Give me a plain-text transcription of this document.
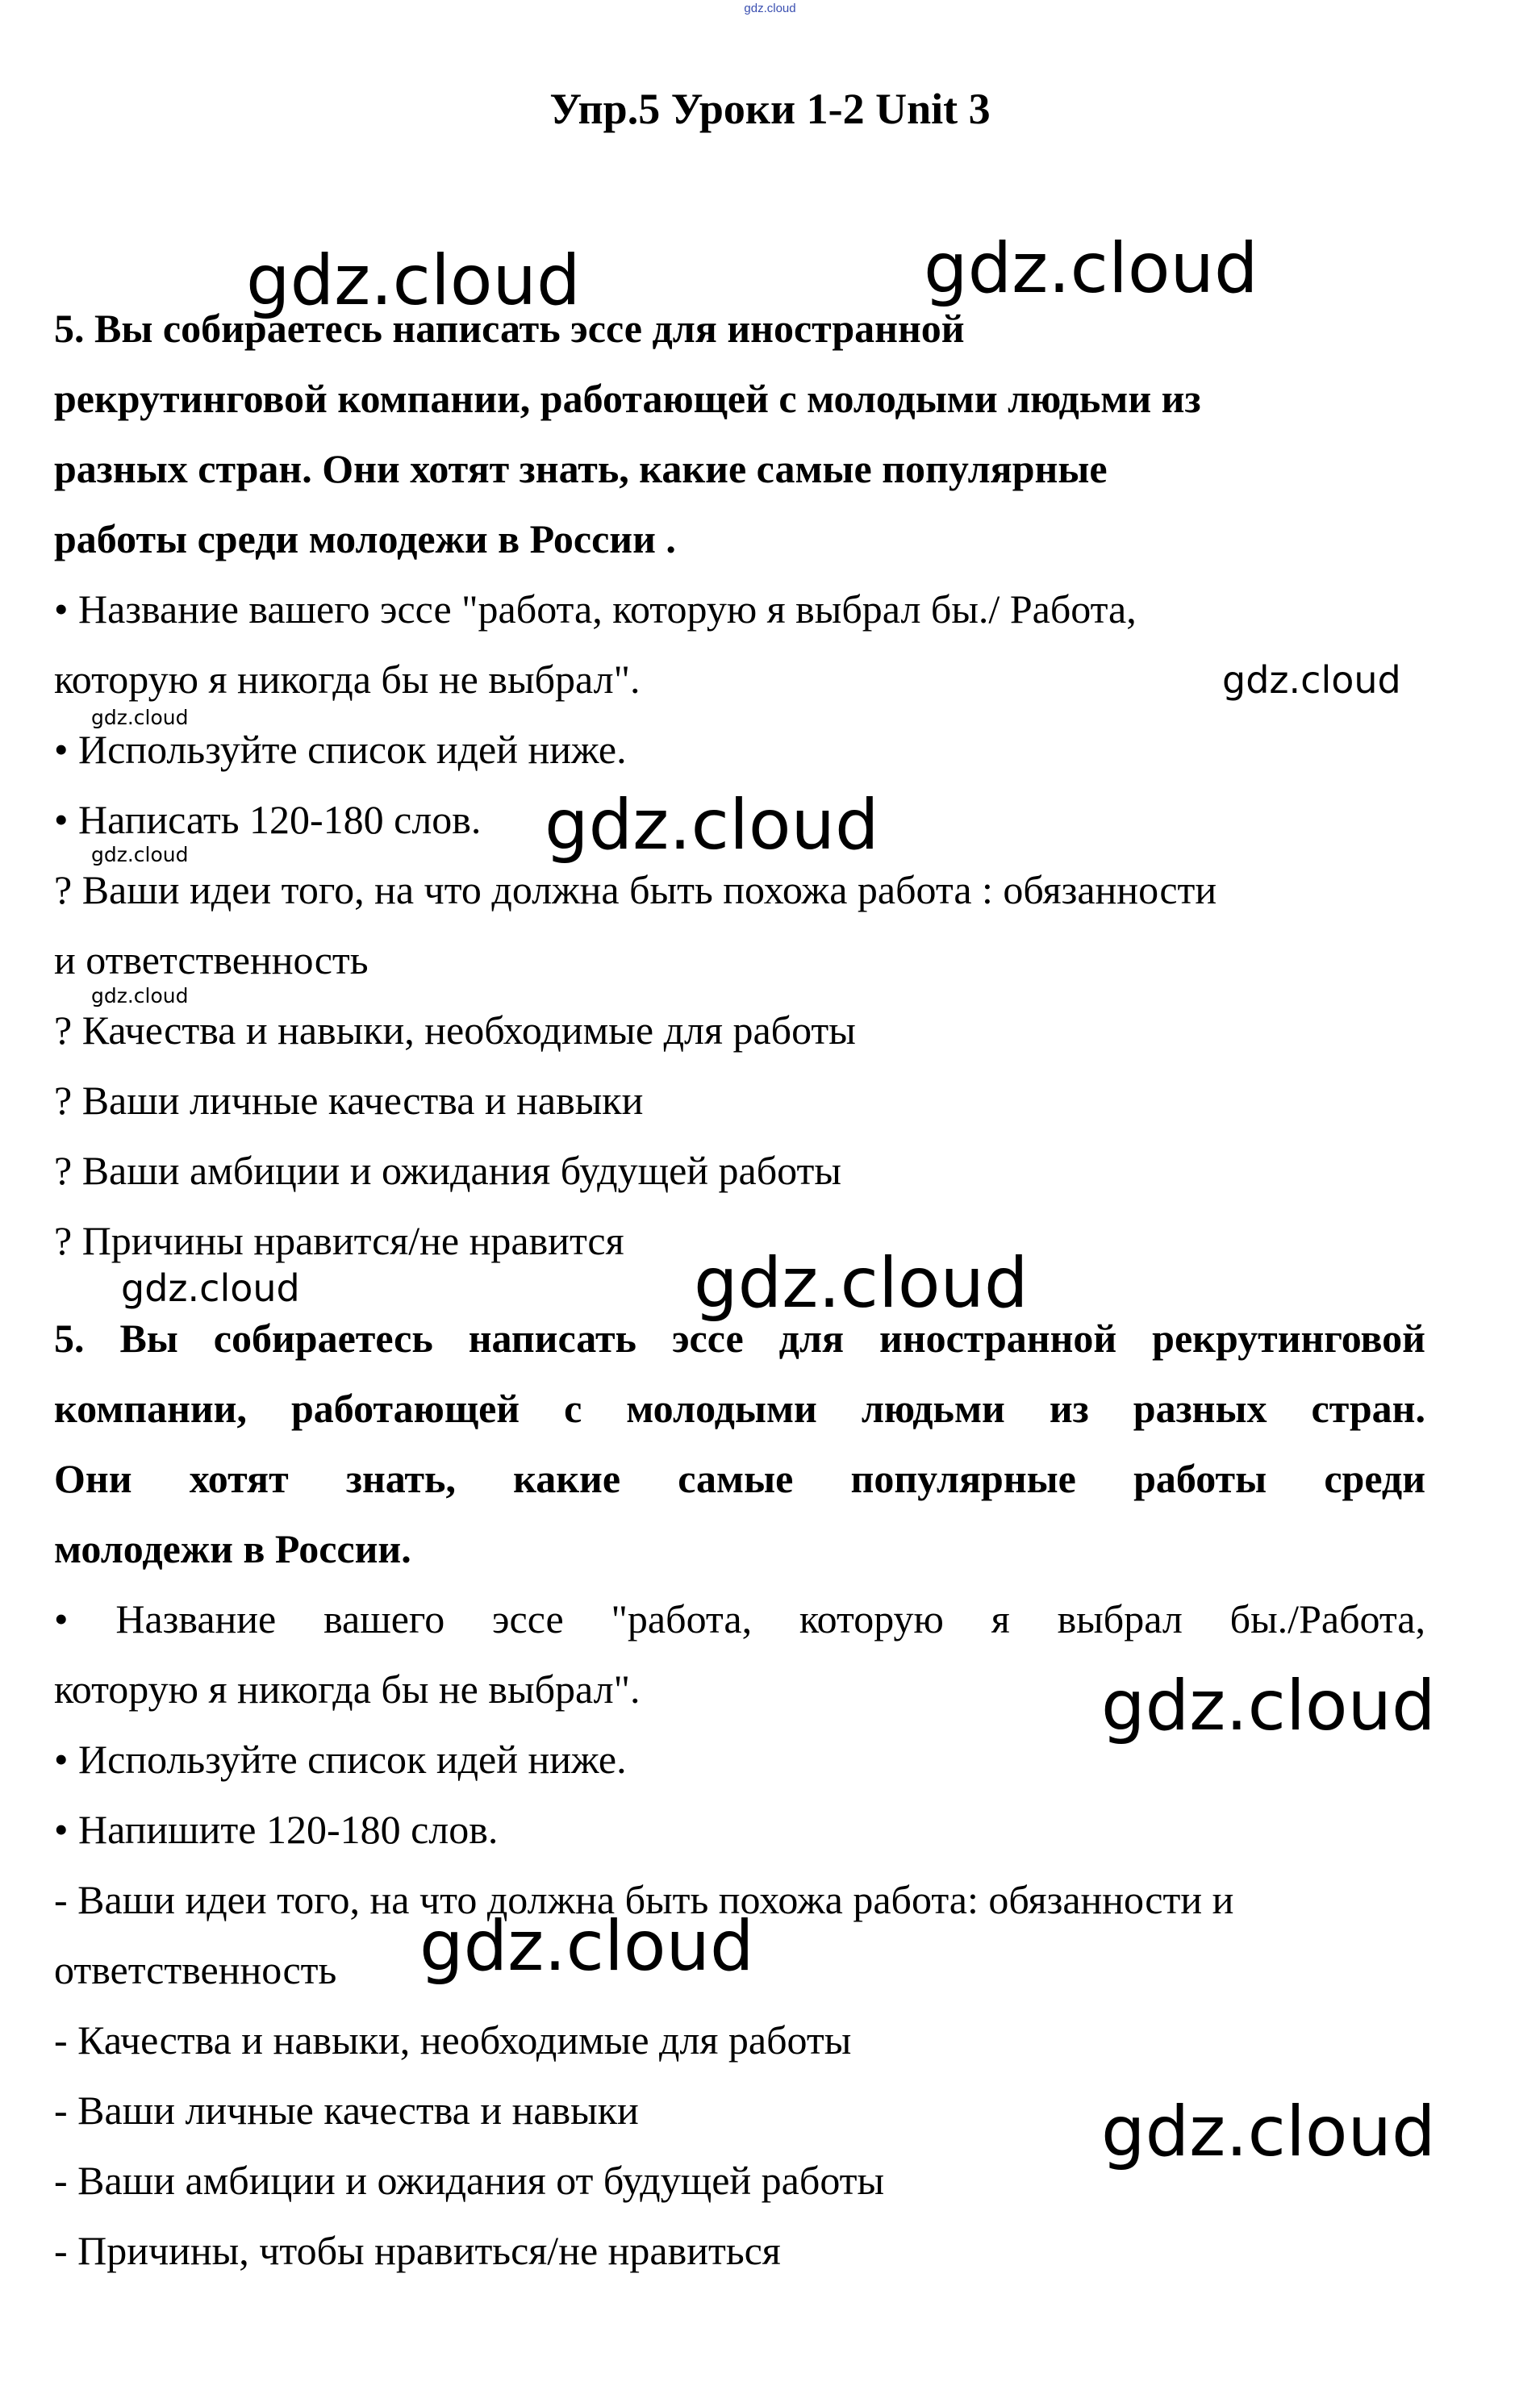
gdz.cloud
Упр.5 Уроки 1-2 Unit 3
5. Вы собираетесь написать эссе для иностранной
рекрутинговой компании, работающей с молодыми людьми из
разных стран. Они хотят знать, какие самые популярные
работы среди молодежи в России .
• Название вашего эссе "работа, которую я выбрал бы./ Работа,
которую я никогда бы не выбрал".
• Используйте список идей ниже.
• Написать 120-180 слов.
? Ваши идеи того, на что должна быть похожа работа : обязанности
и ответственность
? Качества и навыки, необходимые для работы
? Ваши личные качества и навыки
? Ваши амбиции и ожидания будущей работы
? Причины нравится/не нравится
5. Вы собираетесь написать эссе для иностранной рекрутинговой
компании, работающей с молодыми людьми из разных стран.
Они хотят знать, какие самые популярные работы среди
молодежи в России.
• Название вашего эссе "работа, которую я выбрал бы./Работа,
которую я никогда бы не выбрал".
• Используйте список идей ниже.
• Напишите 120-180 слов.
- Ваши идеи того, на что должна быть похожа работа: обязанности и
ответственность
- Качества и навыки, необходимые для работы
- Ваши личные качества и навыки
- Ваши амбиции и ожидания от будущей работы
- Причины, чтобы нравиться/не нравиться
gdz.cloud	gdz.cloud
gdz.cloud
gdz.cloud
gdz.cloud
gdz.cloud
gdz.cloud
gdz.cloud	gdz.cloud
gdz.cloud
gdz.cloud
gdz.cloud
